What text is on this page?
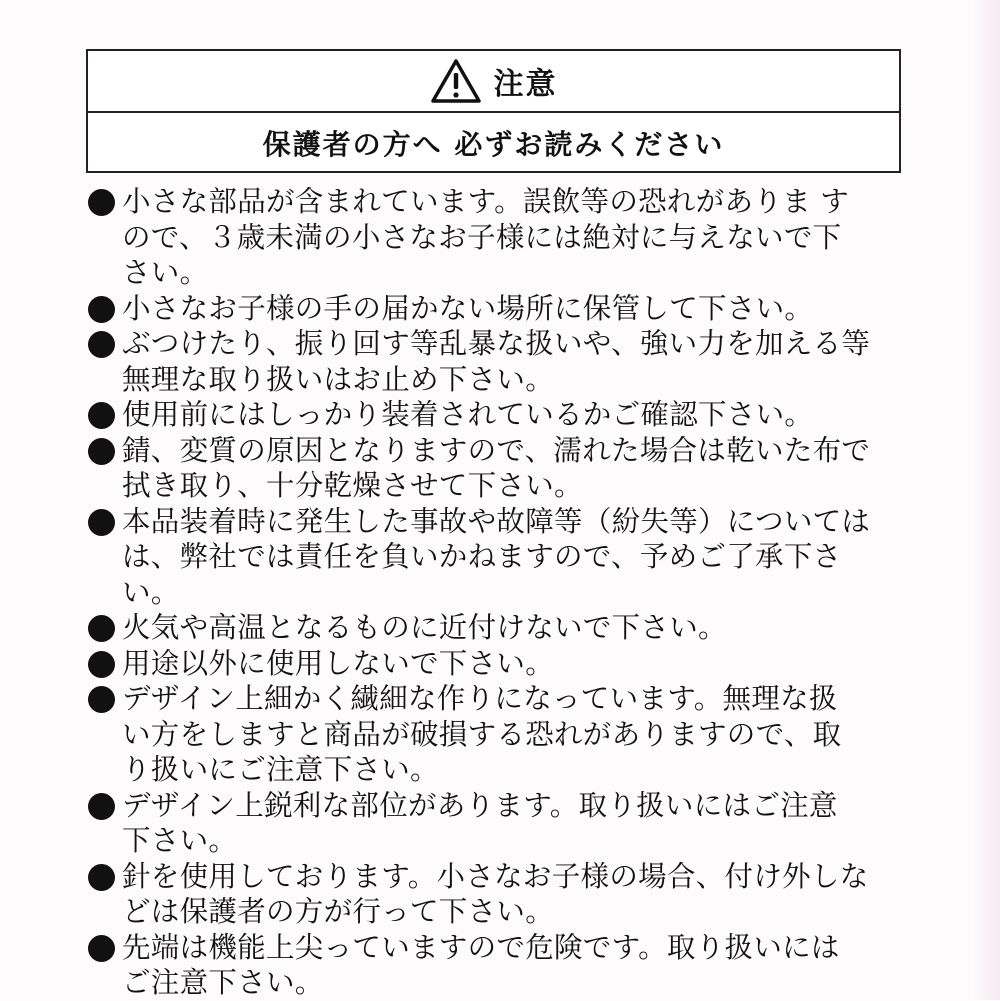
注意
保護者の方へ 必ずお読みください
小さな部品が含まれています。誤飲等の恐れがありま す
ので、３歳未満の小さなお子様には絶対に与えないで下
さい。
小さなお子様の手の届かない場所に保管して下さい。
ぶつけたり、振り回す等乱暴な扱いや、強い力を加える等
無理な取り扱いはお止め下さい。
使用前にはしっかり装着されているかご確認下さい。
錆、変質の原因となりますので、濡れた場合は乾いた布で
拭き取り、十分乾燥させて下さい。
本品装着時に発生した事故や故障等（紛失等）については
は、弊社では責任を負いかねますので、予めご了承下さ
い。
火気や高温となるものに近付けないで下さい。
用途以外に使用しないで下さい。
デザイン上細かく繊細な作りになっています。無理な扱
い方をしますと商品が破損する恐れがありますので、取
り扱いにご注意下さい。
デザイン上鋭利な部位があります。取り扱いにはご注意
下さい。
針を使用しております。小さなお子様の場合、付け外しな
どは保護者の方が行って下さい。
先端は機能上尖っていますので危険です。取り扱いには
ご注意下さい。
